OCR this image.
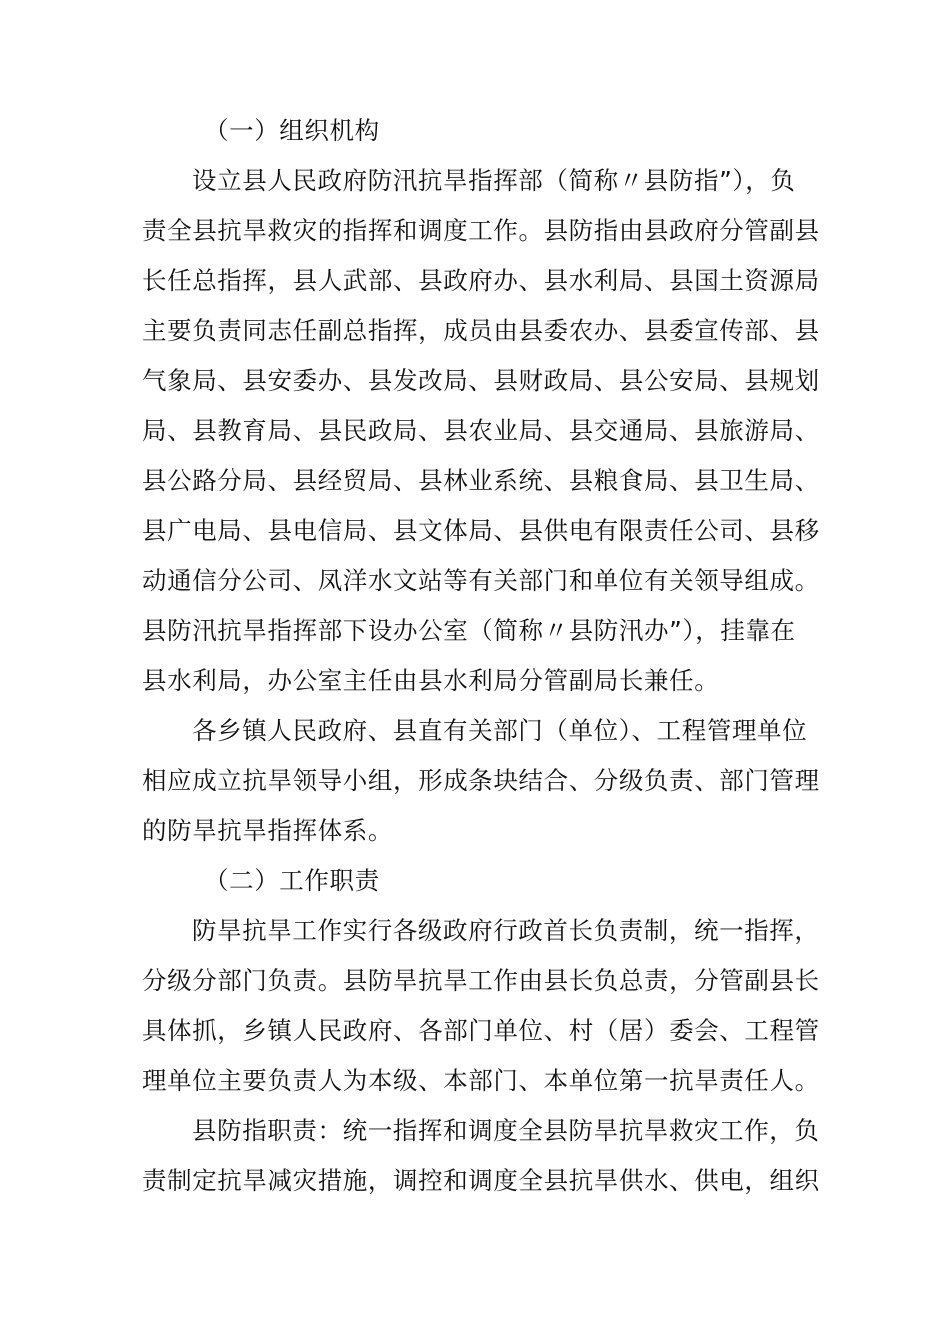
（一）组织机构
设立县人民政府防汛抗旱指挥部（简称〃县防指”），负
责全县抗旱救灾的指挥和调度工作。县防指由县政府分管副县
长任总指挥，县人武部、县政府办、县水利局、县国土资源局
主要负责同志任副总指挥，成员由县委农办、县委宣传部、县
气象局、县安委办、县发改局、县财政局、县公安局、县规划
局、县教育局、县民政局、县农业局、县交通局、县旅游局、
县公路分局、县经贸局、县林业系统、县粮食局、县卫生局、
县广电局、县电信局、县文体局、县供电有限责任公司、县移
动通信分公司、凤洋水文站等有关部门和单位有关领导组成。
县防汛抗旱指挥部下设办公室（简称〃县防汛办”），挂靠在
县水利局，办公室主任由县水利局分管副局长兼任。
各乡镇人民政府、县直有关部门（单位）、工程管理单位
相应成立抗旱领导小组，形成条块结合、分级负责、部门管理
的防旱抗旱指挥体系。
（二）工作职责
防旱抗旱工作实行各级政府行政首长负责制，统一指挥，
分级分部门负责。县防旱抗旱工作由县长负总责，分管副县长
具体抓，乡镇人民政府、各部门单位、村（居）委会、工程管
理单位主要负责人为本级、本部门、本单位第一抗旱责任人。
县防指职责：统一指挥和调度全县防旱抗旱救灾工作，负
责制定抗旱减灾措施，调控和调度全县抗旱供水、供电，组织
